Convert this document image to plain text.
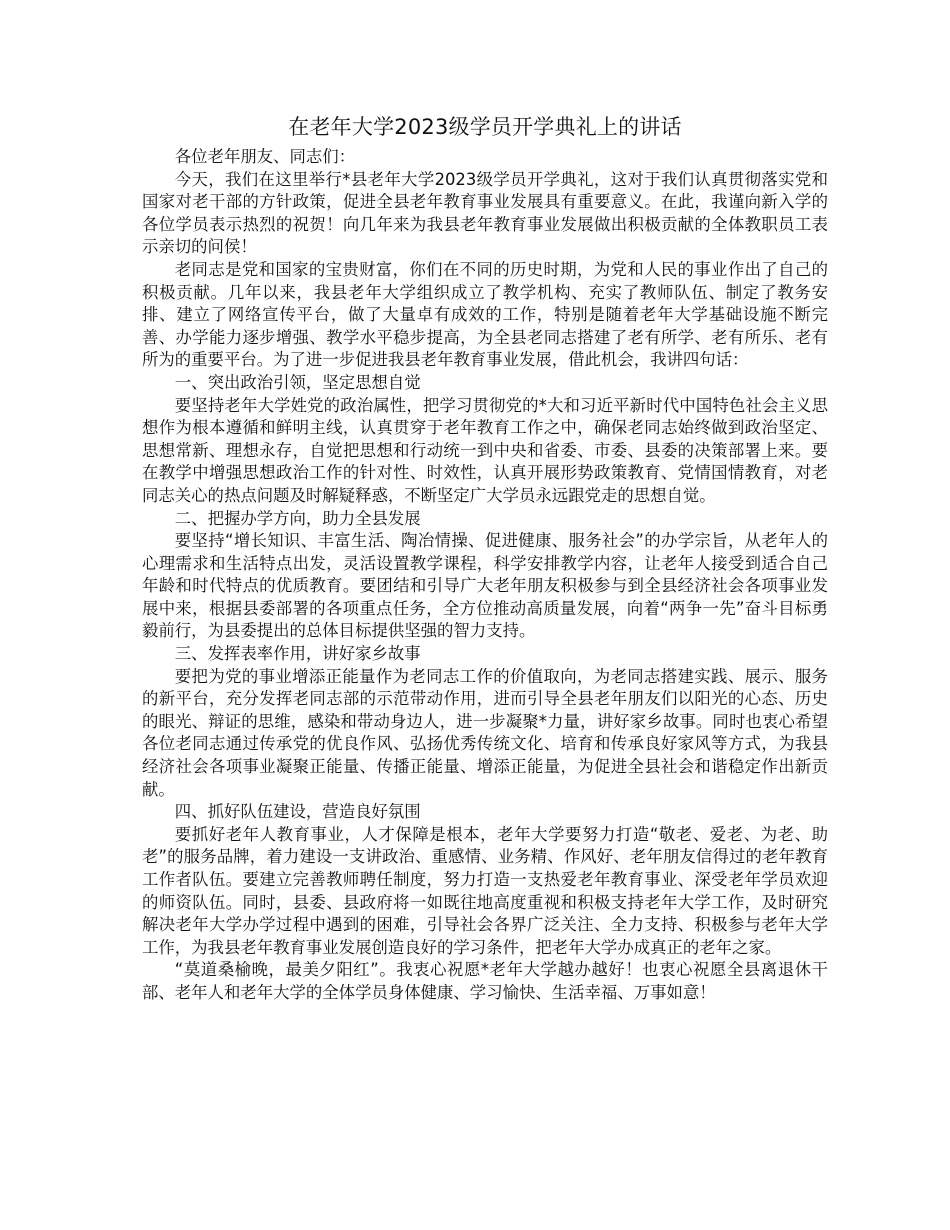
在老年大学2023级学员开学典礼上的讲话

各位老年朋友、同志们：

今天，我们在这里举行*县老年大学2023级学员开学典礼，这对于我们认真贯彻落实党和国家对老干部的方针政策，促进全县老年教育事业发展具有重要意义。在此，我谨向新入学的各位学员表示热烈的祝贺！向几年来为我县老年教育事业发展做出积极贡献的全体教职员工表示亲切的问侯！

老同志是党和国家的宝贵财富，你们在不同的历史时期，为党和人民的事业作出了自己的积极贡献。几年以来，我县老年大学组织成立了教学机构、充实了教师队伍、制定了教务安排、建立了网络宣传平台，做了大量卓有成效的工作，特别是随着老年大学基础设施不断完善、办学能力逐步增强、教学水平稳步提高，为全县老同志搭建了老有所学、老有所乐、老有所为的重要平台。为了进一步促进我县老年教育事业发展，借此机会，我讲四句话：

一、突出政治引领，坚定思想自觉

要坚持老年大学姓党的政治属性，把学习贯彻党的*大和习近平新时代中国特色社会主义思想作为根本遵循和鲜明主线，认真贯穿于老年教育工作之中，确保老同志始终做到政治坚定、思想常新、理想永存，自觉把思想和行动统一到中央和省委、市委、县委的决策部署上来。要在教学中增强思想政治工作的针对性、时效性，认真开展形势政策教育、党情国情教育，对老同志关心的热点问题及时解疑释惑，不断坚定广大学员永远跟党走的思想自觉。

二、把握办学方向，助力全县发展

要坚持“增长知识、丰富生活、陶冶情操、促进健康、服务社会”的办学宗旨，从老年人的心理需求和生活特点出发，灵活设置教学课程，科学安排教学内容，让老年人接受到适合自己年龄和时代特点的优质教育。要团结和引导广大老年朋友积极参与到全县经济社会各项事业发展中来，根据县委部署的各项重点任务，全方位推动高质量发展，向着“两争一先”奋斗目标勇毅前行，为县委提出的总体目标提供坚强的智力支持。

三、发挥表率作用，讲好家乡故事

要把为党的事业增添正能量作为老同志工作的价值取向，为老同志搭建实践、展示、服务的新平台，充分发挥老同志部的示范带动作用，进而引导全县老年朋友们以阳光的心态、历史的眼光、辩证的思维，感染和带动身边人，进一步凝聚*力量，讲好家乡故事。同时也衷心希望各位老同志通过传承党的优良作风、弘扬优秀传统文化、培育和传承良好家风等方式，为我县经济社会各项事业凝聚正能量、传播正能量、增添正能量，为促进全县社会和谐稳定作出新贡献。

四、抓好队伍建设，营造良好氛围

要抓好老年人教育事业，人才保障是根本，老年大学要努力打造“敬老、爱老、为老、助老”的服务品牌，着力建设一支讲政治、重感情、业务精、作风好、老年朋友信得过的老年教育工作者队伍。要建立完善教师聘任制度，努力打造一支热爱老年教育事业、深受老年学员欢迎的师资队伍。同时，县委、县政府将一如既往地高度重视和积极支持老年大学工作，及时研究解决老年大学办学过程中遇到的困难，引导社会各界广泛关注、全力支持、积极参与老年大学工作，为我县老年教育事业发展创造良好的学习条件，把老年大学办成真正的老年之家。

“莫道桑榆晚，最美夕阳红”。我衷心祝愿*老年大学越办越好！也衷心祝愿全县离退休干部、老年人和老年大学的全体学员身体健康、学习愉快、生活幸福、万事如意！
